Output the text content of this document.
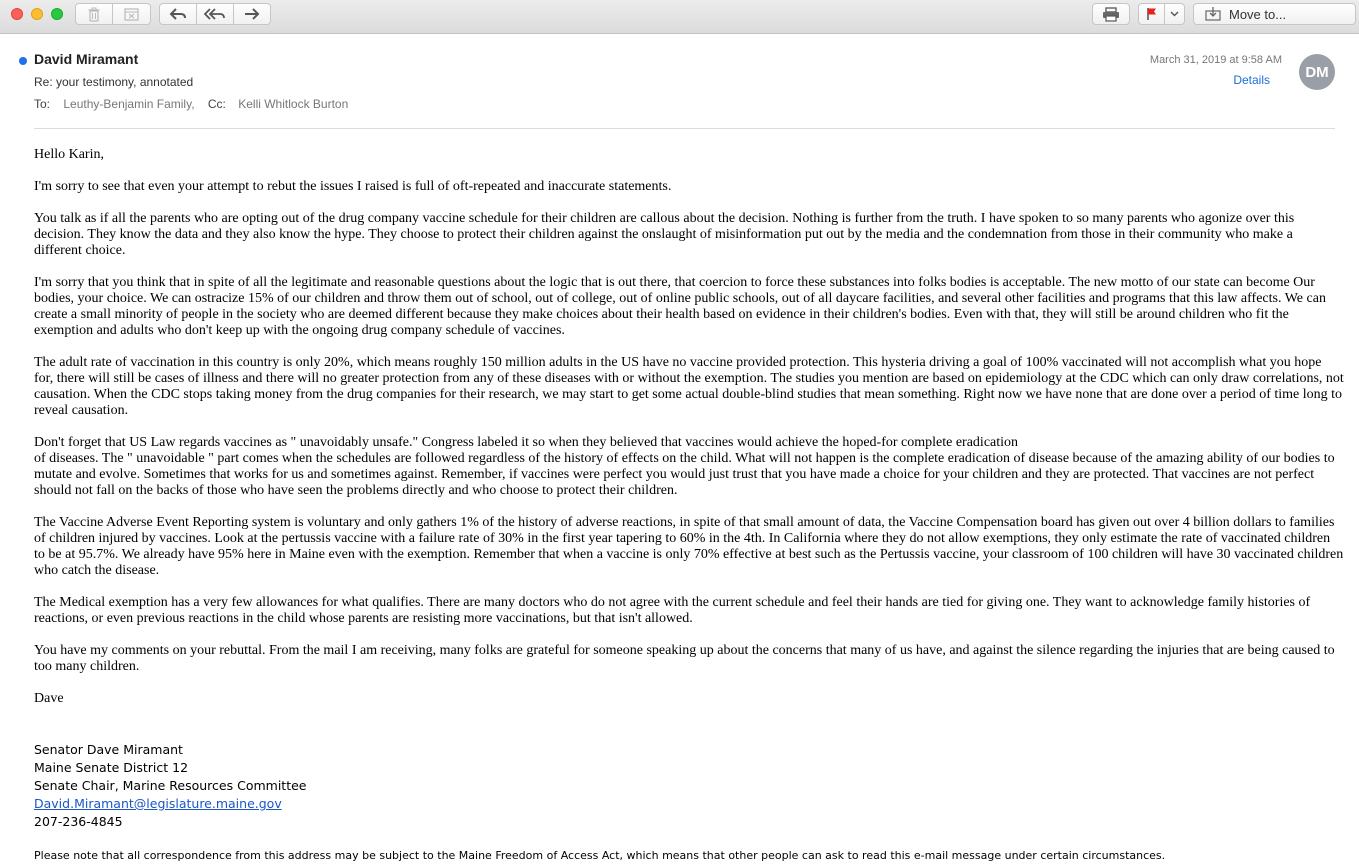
Move to...
David Miramant
Re: your testimony, annotated
To: Leuthy-Benjamin Family, Cc: Kelli Whitlock Burton
March 31, 2019 at 9:58 AM
Details	DM

Hello Karin,

I'm sorry to see that even your attempt to rebut the issues I raised is full of oft-repeated and inaccurate statements.

You talk as if all the parents who are opting out of the drug company vaccine schedule for their children are callous about the decision. Nothing is further from the truth. I have spoken to so many parents who agonize over this decision. They know the data and they also know the hype. They choose to protect their children against the onslaught of misinformation put out by the media and the condemnation from those in their community who make a different choice.

I'm sorry that you think that in spite of all the legitimate and reasonable questions about the logic that is out there, that coercion to force these substances into folks bodies is acceptable. The new motto of our state can become Our bodies, your choice. We can ostracize 15% of our children and throw them out of school, out of college, out of online public schools, out of all daycare facilities, and several other facilities and programs that this law affects. We can create a small minority of people in the society who are deemed different because they make choices about their health based on evidence in their children's bodies. Even with that, they will still be around children who fit the exemption and adults who don't keep up with the ongoing drug company schedule of vaccines.

The adult rate of vaccination in this country is only 20%, which means roughly 150 million adults in the US have no vaccine provided protection. This hysteria driving a goal of 100% vaccinated will not accomplish what you hope for, there will still be cases of illness and there will no greater protection from any of these diseases with or without the exemption. The studies you mention are based on epidemiology at the CDC which can only draw correlations, not causation. When the CDC stops taking money from the drug companies for their research, we may start to get some actual double-blind studies that mean something. Right now we have none that are done over a period of time long to reveal causation.

Don't forget that US Law regards vaccines as " unavoidably unsafe." Congress labeled it so when they believed that vaccines would achieve the hoped-for complete eradication
of diseases. The " unavoidable " part comes when the schedules are followed regardless of the history of effects on the child. What will not happen is the complete eradication of disease because of the amazing ability of our bodies to mutate and evolve. Sometimes that works for us and sometimes against. Remember, if vaccines were perfect you would just trust that you have made a choice for your children and they are protected. That vaccines are not perfect should not fall on the backs of those who have seen the problems directly and who choose to protect their children.

The Vaccine Adverse Event Reporting system is voluntary and only gathers 1% of the history of adverse reactions, in spite of that small amount of data, the Vaccine Compensation board has given out over 4 billion dollars to families of children injured by vaccines. Look at the pertussis vaccine with a failure rate of 30% in the first year tapering to 60% in the 4th. In California where they do not allow exemptions, they only estimate the rate of vaccinated children to be at 95.7%. We already have 95% here in Maine even with the exemption. Remember that when a vaccine is only 70% effective at best such as the Pertussis vaccine, your classroom of 100 children will have 30 vaccinated children who catch the disease.

The Medical exemption has a very few allowances for what qualifies. There are many doctors who do not agree with the current schedule and feel their hands are tied for giving one. They want to acknowledge family histories of reactions, or even previous reactions in the child whose parents are resisting more vaccinations, but that isn't allowed.

You have my comments on your rebuttal. From the mail I am receiving, many folks are grateful for someone speaking up about the concerns that many of us have, and against the silence regarding the injuries that are being caused to too many children.

Dave

Senator Dave Miramant
Maine Senate District 12
Senate Chair, Marine Resources Committee
David.Miramant@legislature.maine.gov
207-236-4845
Please note that all correspondence from this address may be subject to the Maine Freedom of Access Act, which means that other people can ask to read this e-mail message under certain circumstances.
